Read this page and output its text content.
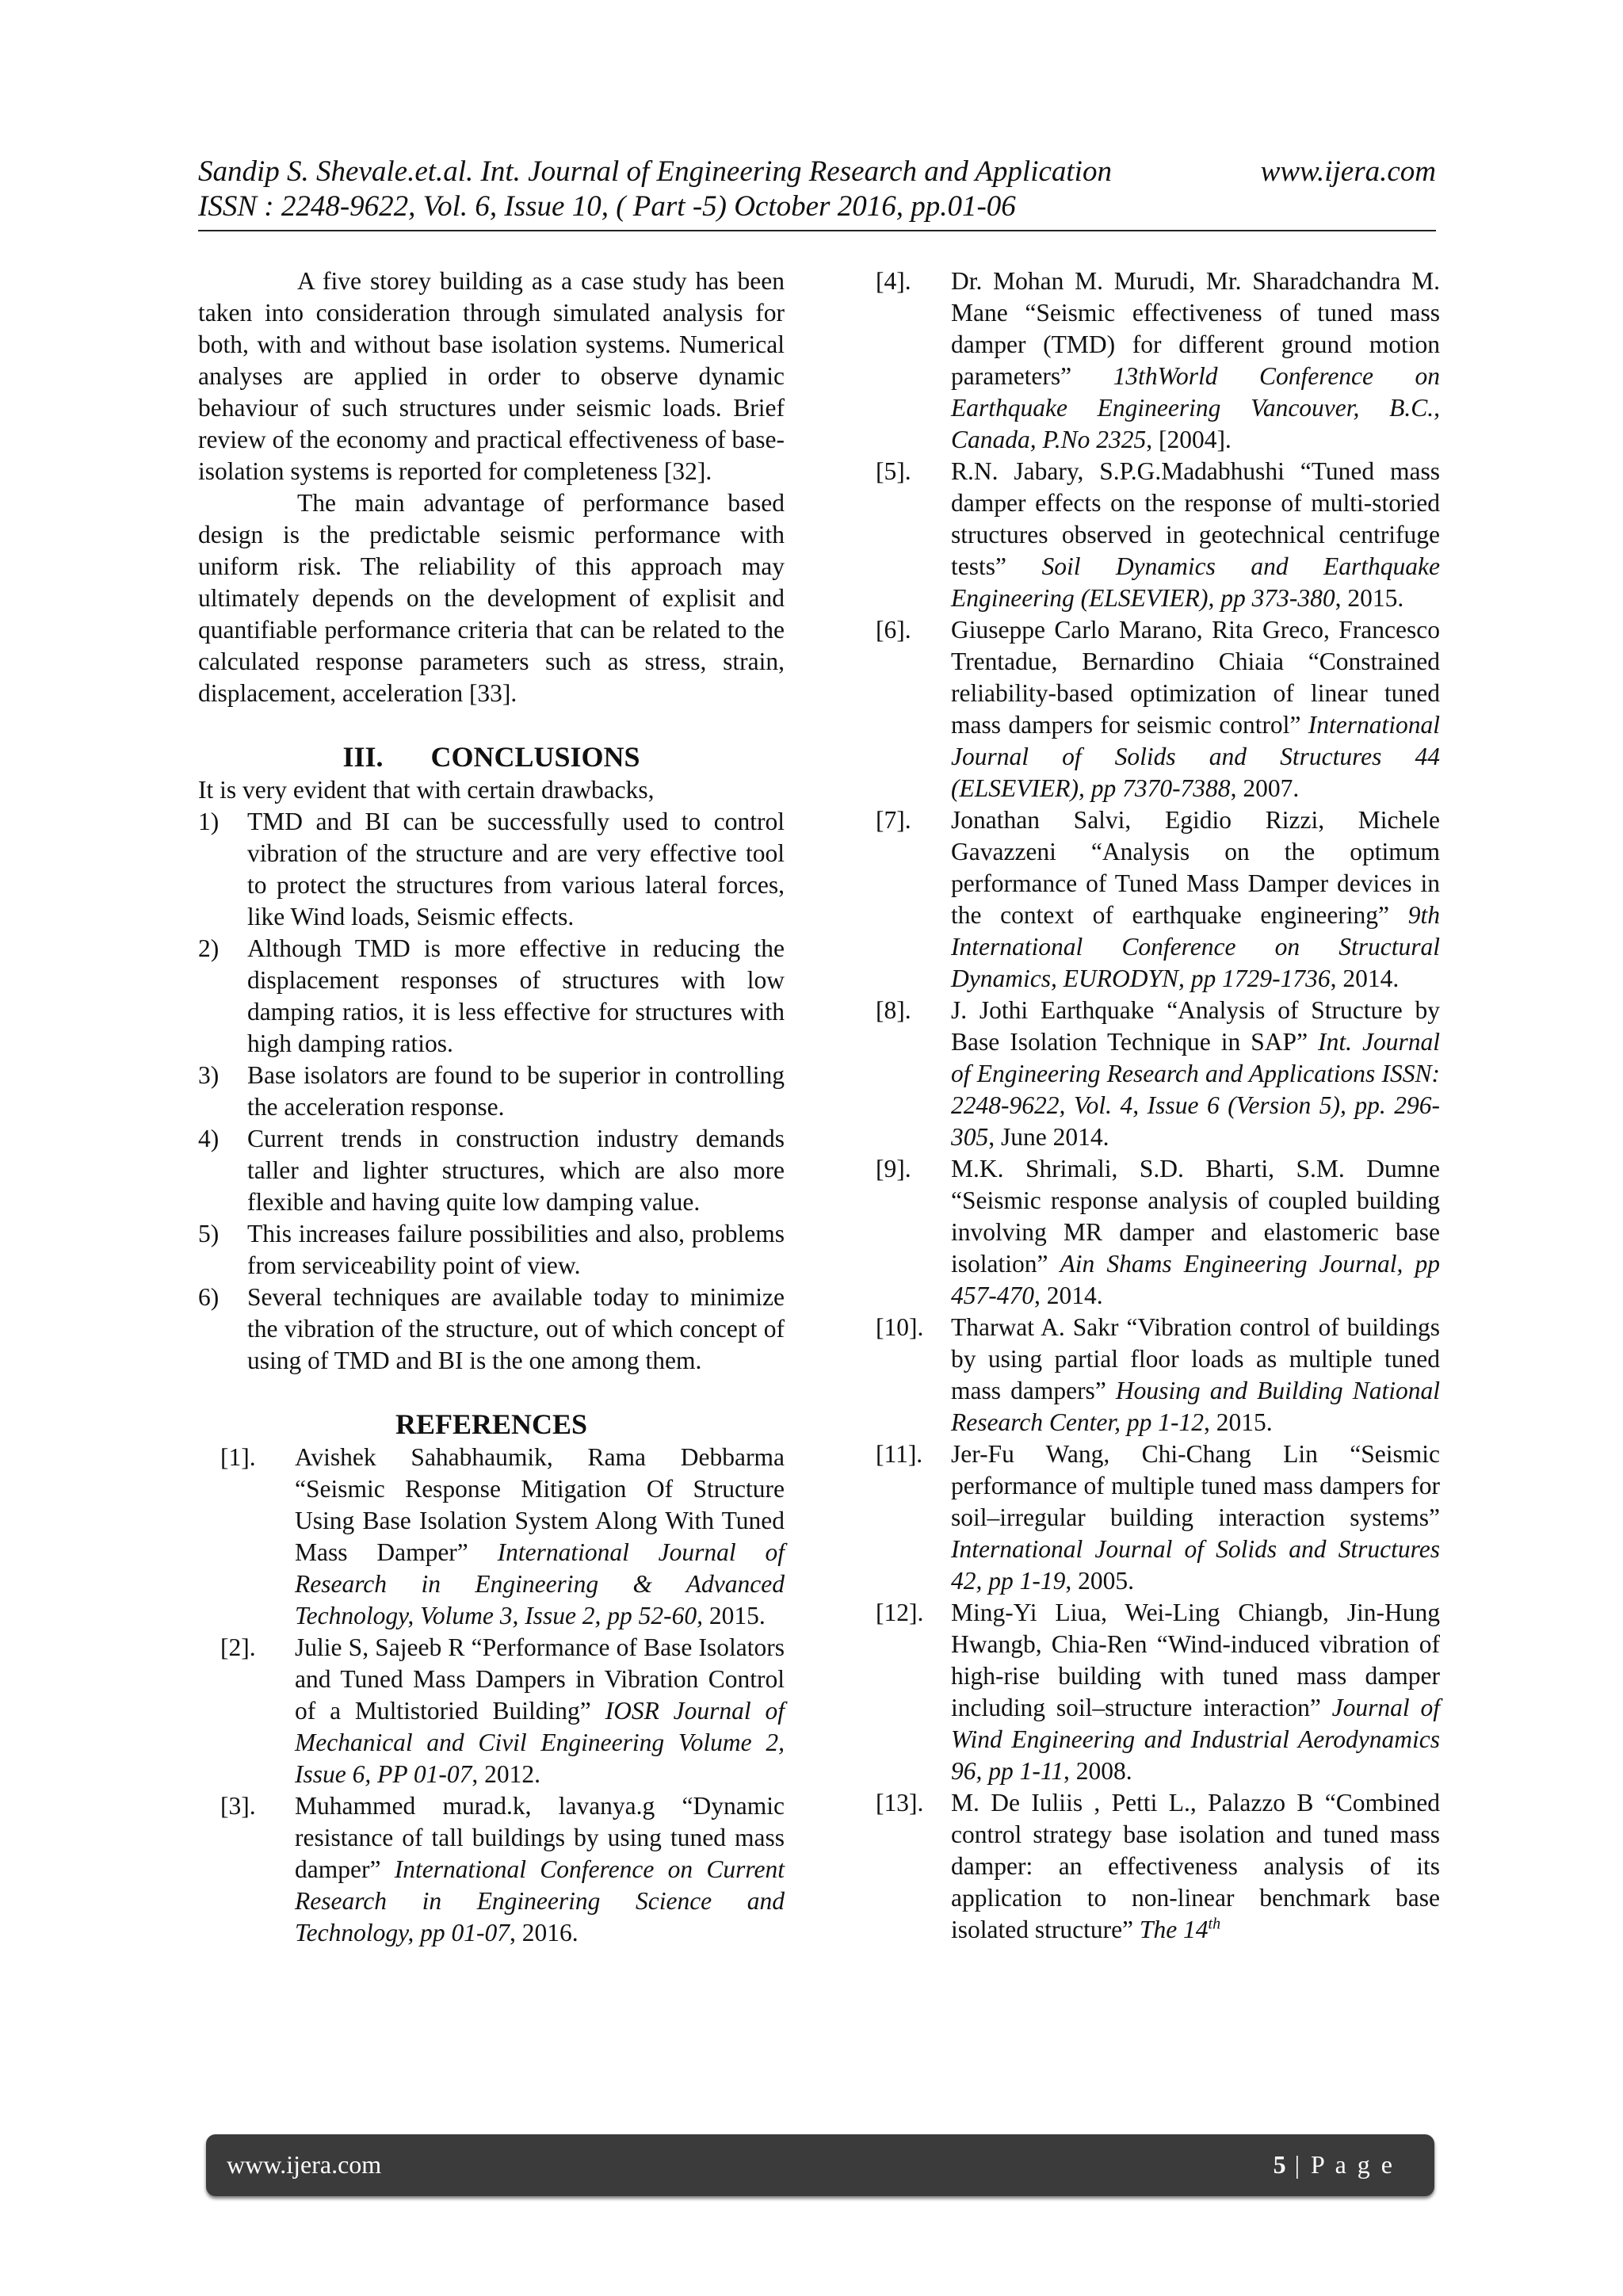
Sandip S. Shevale.et.al. Int. Journal of Engineering Research and Application	www.ijera.com
ISSN : 2248-9622, Vol. 6, Issue 10, ( Part -5) October 2016, pp.01-06

A five storey building as a case study has been taken into consideration through simulated analysis for both, with and without base isolation systems. Numerical analyses are applied in order to observe dynamic behaviour of such structures under seismic loads. Brief review of the economy and practical effectiveness of base-isolation systems is reported for completeness [32].

The main advantage of performance based design is the predictable seismic performance with uniform risk. The reliability of this approach may ultimately depends on the development of explisit and quantifiable performance criteria that can be related to the calculated response parameters such as stress, strain, displacement, acceleration [33].

III. CONCLUSIONS

It is very evident that with certain drawbacks,

1)	TMD and BI can be successfully used to control vibration of the structure and are very effective tool to protect the structures from various lateral forces, like Wind loads, Seismic effects.
2)	Although TMD is more effective in reducing the displacement responses of structures with low damping ratios, it is less effective for structures with high damping ratios.
3)	Base isolators are found to be superior in controlling the acceleration response.
4)	Current trends in construction industry demands taller and lighter structures, which are also more flexible and having quite low damping value.
5)	This increases failure possibilities and also, problems from serviceability point of view.
6)	Several techniques are available today to minimize the vibration of the structure, out of which concept of using of TMD and BI is the one among them.
REFERENCES
[1].	Avishek Sahabhaumik, Rama Debbarma “Seismic Response Mitigation Of Structure Using Base Isolation System Along With Tuned Mass Damper” International Journal of Research in Engineering & Advanced Technology, Volume 3, Issue 2, pp 52-60, 2015.
[2].	Julie S, Sajeeb R “Performance of Base Isolators and Tuned Mass Dampers in Vibration Control of a Multistoried Building” IOSR Journal of Mechanical and Civil Engineering Volume 2, Issue 6, PP 01-07, 2012.
[3].	Muhammed murad.k, lavanya.g “Dynamic resistance of tall buildings by using tuned mass damper” International Conference on Current Research in Engineering Science and Technology, pp 01-07, 2016.
[4].	Dr. Mohan M. Murudi, Mr. Sharadchandra M. Mane “Seismic effectiveness of tuned mass damper (TMD) for different ground motion parameters” 13thWorld Conference on Earthquake Engineering Vancouver, B.C., Canada, P.No 2325, [2004].
[5].	R.N. Jabary, S.P.G.Madabhushi “Tuned mass damper effects on the response of multi-storied structures observed in geotechnical centrifuge tests” Soil Dynamics and Earthquake Engineering (ELSEVIER), pp 373-380, 2015.
[6].	Giuseppe Carlo Marano, Rita Greco, Francesco Trentadue, Bernardino Chiaia “Constrained reliability-based optimization of linear tuned mass dampers for seismic control” International Journal of Solids and Structures 44 (ELSEVIER), pp 7370-7388, 2007.
[7].	Jonathan Salvi, Egidio Rizzi, Michele Gavazzeni “Analysis on the optimum performance of Tuned Mass Damper devices in the context of earthquake engineering” 9th International Conference on Structural Dynamics, EURODYN, pp 1729-1736, 2014.
[8].	J. Jothi Earthquake “Analysis of Structure by Base Isolation Technique in SAP” Int. Journal of Engineering Research and Applications ISSN: 2248-9622, Vol. 4, Issue 6 (Version 5), pp. 296-305, June 2014.
[9].	M.K. Shrimali, S.D. Bharti, S.M. Dumne “Seismic response analysis of coupled building involving MR damper and elastomeric base isolation” Ain Shams Engineering Journal, pp 457-470, 2014.
[10].	Tharwat A. Sakr “Vibration control of buildings by using partial floor loads as multiple tuned mass dampers” Housing and Building National Research Center, pp 1-12, 2015.
[11].	Jer-Fu Wang, Chi-Chang Lin “Seismic performance of multiple tuned mass dampers for soil–irregular building interaction systems” International Journal of Solids and Structures 42, pp 1-19, 2005.
[12].	Ming-Yi Liua, Wei-Ling Chiangb, Jin-Hung Hwangb, Chia-Ren “Wind-induced vibration of high-rise building with tuned mass damper including soil–structure interaction” Journal of Wind Engineering and Industrial Aerodynamics 96, pp 1-11, 2008.
[13].	M. De Iuliis , Petti L., Palazzo B “Combined control strategy base isolation and tuned mass damper: an effectiveness analysis of its application to non-linear benchmark base isolated structure” The 14th
www.ijera.com	5 | P a g e
